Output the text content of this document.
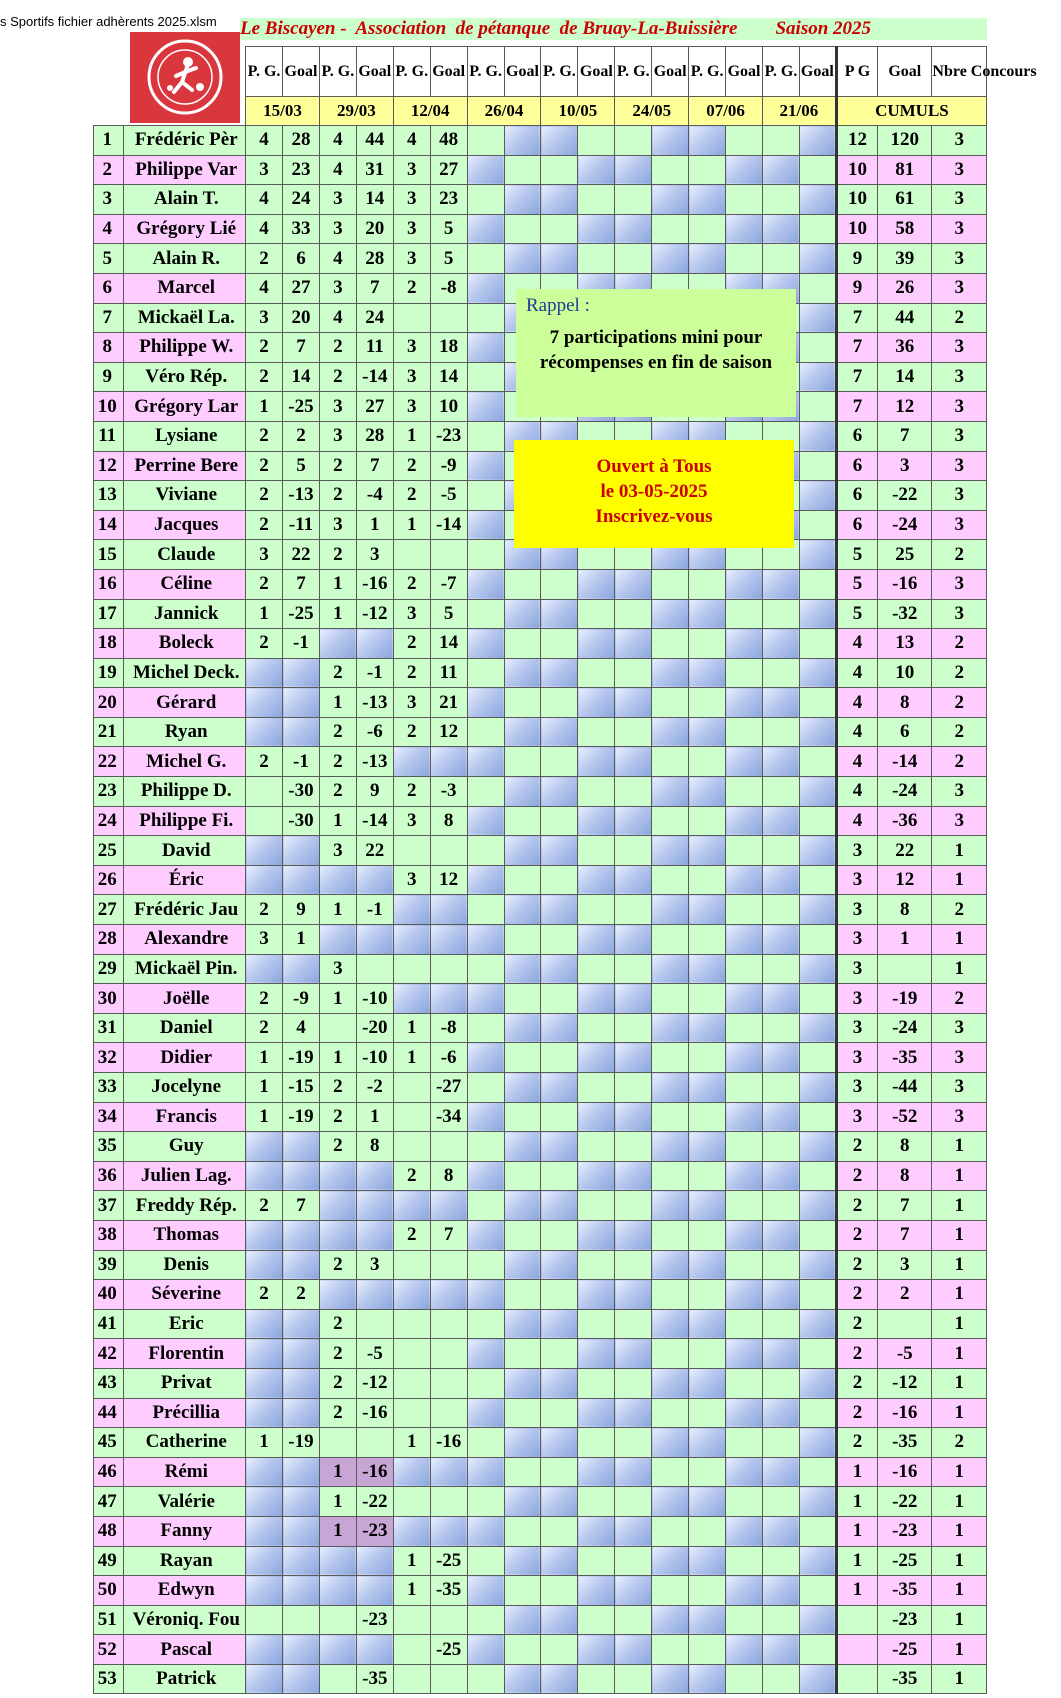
s Sportifs fichier adhèrents 2025.xlsm Le Biscayen -  Association  de pétanque  de Bruay-La-Buissière        Saison 2025
		P. G.	Goal	P. G.	Goal	P. G.	Goal	P. G.	Goal	P. G.	Goal	P. G.	Goal	P. G.	Goal	P. G.	Goal	P G	Goal	Nbre Concours
		15/03		29/03		12/04		26/04		10/05		24/05		07/06		21/06		CUMULS		
1	Frédéric Pèr	4	28	4	44	4	48											12	120	3
2	Philippe Var	3	23	4	31	3	27											10	81	3
3	Alain T.	4	24	3	14	3	23											10	61	3
4	Grégory Lié	4	33	3	20	3	5											10	58	3
5	Alain R.	2	6	4	28	3	5											9	39	3
6	Marcel	4	27	3	7	2	-8											9	26	3
7	Mickaël La.	3	20	4	24													7	44	2
8	Philippe W.	2	7	2	11	3	18											7	36	3
9	Véro Rép.	2	14	2	-14	3	14											7	14	3
10	Grégory Lar	1	-25	3	27	3	10											7	12	3
11	Lysiane	2	2	3	28	1	-23											6	7	3
12	Perrine Bere	2	5	2	7	2	-9											6	3	3
13	Viviane	2	-13	2	-4	2	-5											6	-22	3
14	Jacques	2	-11	3	1	1	-14											6	-24	3
15	Claude	3	22	2	3													5	25	2
16	Céline	2	7	1	-16	2	-7											5	-16	3
17	Jannick	1	-25	1	-12	3	5											5	-32	3
18	Boleck	2	-1			2	14											4	13	2
19	Michel Deck.			2	-1	2	11											4	10	2
20	Gérard			1	-13	3	21											4	8	2
21	Ryan			2	-6	2	12											4	6	2
22	Michel G.	2	-1	2	-13													4	-14	2
23	Philippe D.		-30	2	9	2	-3											4	-24	3
24	Philippe Fi.		-30	1	-14	3	8											4	-36	3
25	David			3	22													3	22	1
26	Éric					3	12											3	12	1
27	Frédéric Jau	2	9	1	-1													3	8	2
28	Alexandre	3	1															3	1	1
29	Mickaël Pin.			3														3		1
30	Joëlle	2	-9	1	-10													3	-19	2
31	Daniel	2	4		-20	1	-8											3	-24	3
32	Didier	1	-19	1	-10	1	-6											3	-35	3
33	Jocelyne	1	-15	2	-2		-27											3	-44	3
34	Francis	1	-19	2	1		-34											3	-52	3
35	Guy			2	8													2	8	1
36	Julien Lag.					2	8											2	8	1
37	Freddy Rép.	2	7															2	7	1
38	Thomas					2	7											2	7	1
39	Denis			2	3													2	3	1
40	Séverine	2	2															2	2	1
41	Eric			2														2		1
42	Florentin			2	-5													2	-5	1
43	Privat			2	-12													2	-12	1
44	Précillia			2	-16													2	-16	1
45	Catherine	1	-19			1	-16											2	-35	2
46	Rémi			1	-16													1	-16	1
47	Valérie			1	-22													1	-22	1
48	Fanny			1	-23													1	-23	1
49	Rayan					1	-25											1	-25	1
50	Edwyn					1	-35											1	-35	1
51	Véroniq. Fou				-23														-23	1
52	Pascal						-25												-25	1
53	Patrick				-35														-35	1
Rappel :
7 participations mini pour récompenses en fin de saison
Ouvert à Tous
le 03-05-2025
Inscrivez-vous
